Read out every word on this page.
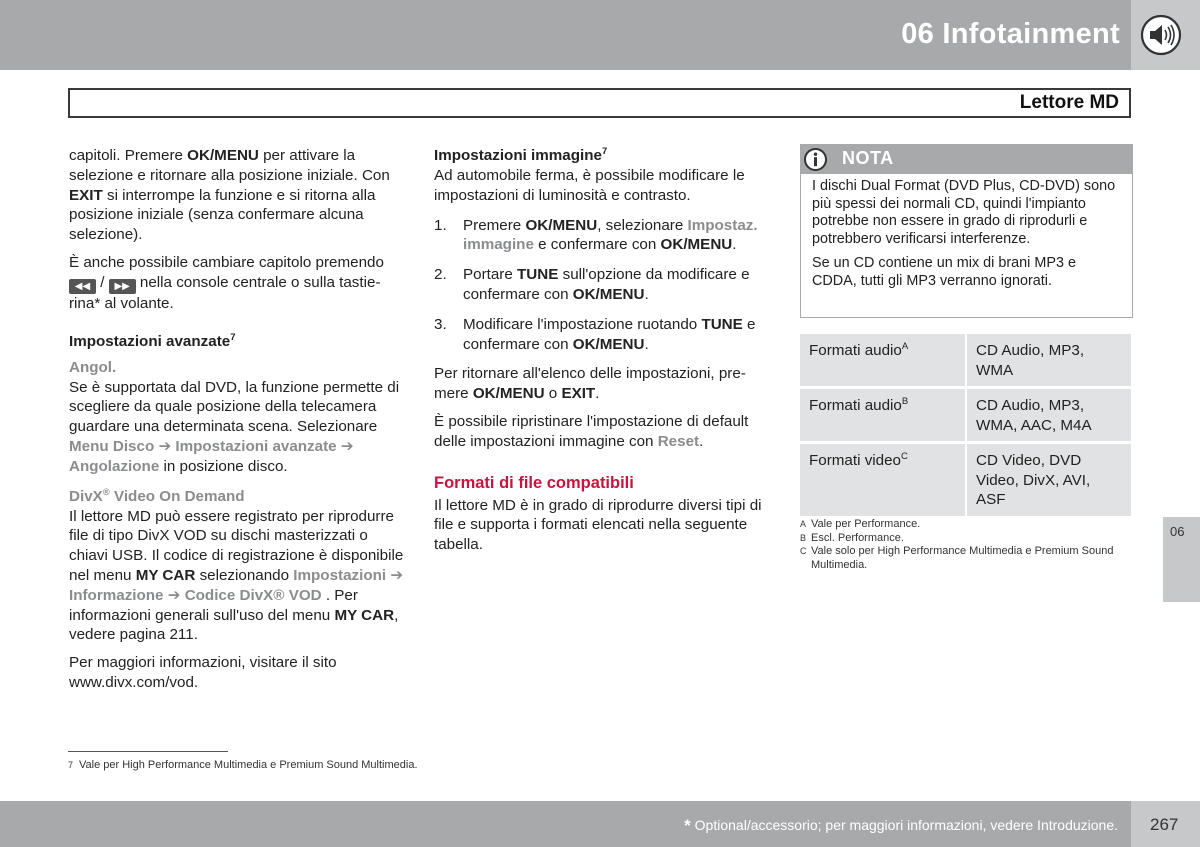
06 Infotainment
Lettore MD

capitoli. Premere OK/MENU per attivare la selezione e ritornare alla posizione iniziale. Con EXIT si interrompe la funzione e si ritorna alla posizione iniziale (senza confermare alcuna selezione).

È anche possibile cambiare capitolo premendo ◀◀ / ▶▶ nella console centrale o sulla tastierina* al volante.

Impostazioni avanzate$^7$
Angol.

Se è supportata dal DVD, la funzione permette di scegliere da quale posizione della telecamera guardare una determinata scena. Selezionare Menu Disco ➔ Impostazioni avanzate ➔ Angolazione in posizione disco.

DivX® Video On Demand

Il lettore MD può essere registrato per riprodurre file di tipo DivX VOD su dischi masterizzati o chiavi USB. Il codice di registrazione è disponibile nel menu MY CAR selezionando Impostazioni ➔ Informazione ➔ Codice DivX® VOD . Per informazioni generali sull'uso del menu MY CAR, vedere pagina 211.

Per maggiori informazioni, visitare il sito www.divx.com/vod.

Impostazioni immagine$^7$

Ad automobile ferma, è possibile modificare le impostazioni di luminosità e contrasto.

1. Premere OK/MENU, selezionare Impostaz. immagine e confermare con OK/MENU.
2. Portare TUNE sull'opzione da modificare e confermare con OK/MENU.
3. Modificare l'impostazione ruotando TUNE e confermare con OK/MENU.

Per ritornare all'elenco delle impostazioni, premere OK/MENU o EXIT.

È possibile ripristinare l'impostazione di default delle impostazioni immagine con Reset.

Formati di file compatibili

Il lettore MD è in grado di riprodurre diversi tipi di file e supporta i formati elencati nella seguente tabella.

NOTA

I dischi Dual Format (DVD Plus, CD-DVD) sono più spessi dei normali CD, quindi l'impianto potrebbe non essere in grado di riprodurli e potrebbero verificarsi interferenze.

Se un CD contiene un mix di brani MP3 e CDDA, tutti gli MP3 verranno ignorati.

Formati audio$^A$	CD Audio, MP3, WMA
Formati audio$^B$	CD Audio, MP3, WMA, AAC, M4A
Formati video$^C$	CD Video, DVD Video, DivX, AVI, ASF
A Vale per Performance.
B Escl. Performance.
C Vale solo per High Performance Multimedia e Premium Sound Multimedia.
06
7 Vale per High Performance Multimedia e Premium Sound Multimedia.
* Optional/accessorio; per maggiori informazioni, vedere Introduzione. 267
